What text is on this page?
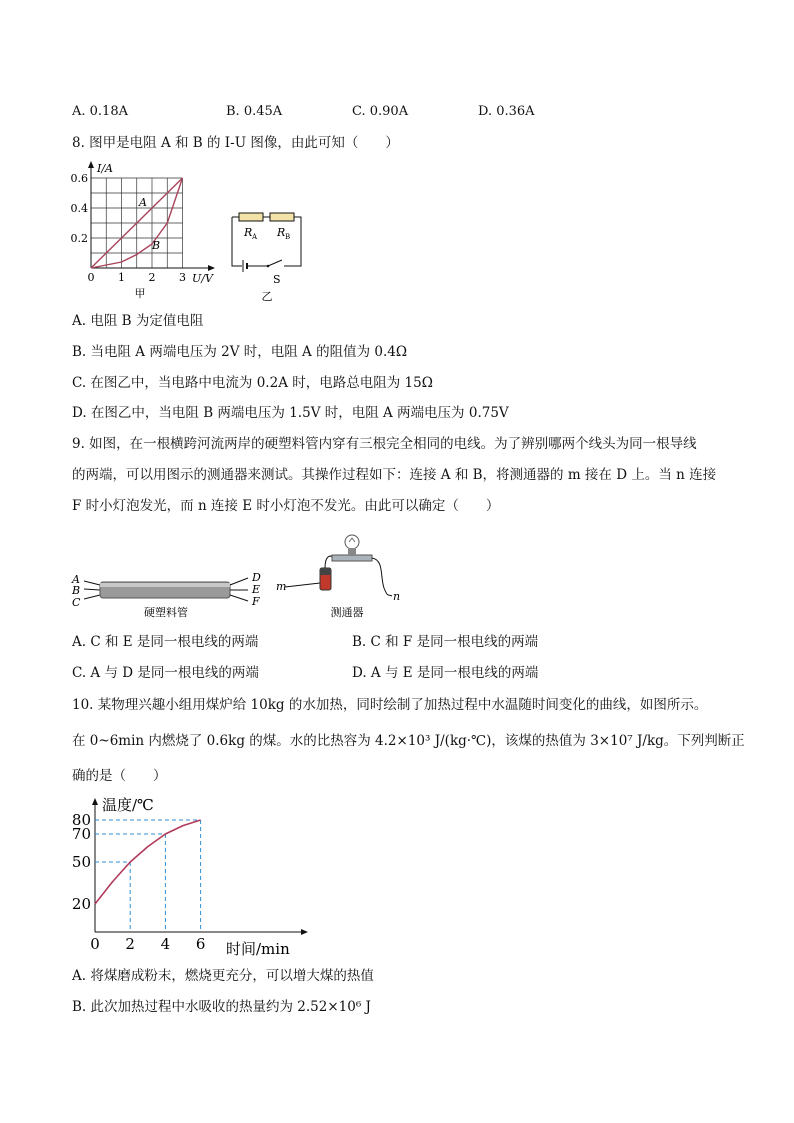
A. 0.18A	B. 0.45A	C. 0.90A	D. 0.36A
8. 图甲是电阻 A 和 B 的 I-U 图像，由此可知（　　）
0 1 2 3
0.2
0.4
0.6
I/A
U/V
A
B
甲
R A R B
S
乙
A. 电阻 B 为定值电阻
B. 当电阻 A 两端电压为 2V 时，电阻 A 的阻值为 0.4Ω
C. 在图乙中，当电路中电流为 0.2A 时，电路总电阻为 15Ω
D. 在图乙中，当电阻 B 两端电压为 1.5V 时，电阻 A 两端电压为 0.75V
9. 如图，在一根横跨河流两岸的硬塑料管内穿有三根完全相同的电线。为了辨别哪两个线头为同一根导线
的两端，可以用图示的测通器来测试。其操作过程如下：连接 A 和 B，将测通器的 m 接在 D 上。当 n 连接
F 时小灯泡发光，而 n 连接 E 时小灯泡不发光。由此可以确定（　　）
A
B
C
D
E
F
硬塑料管
m
n
测通器
A. C 和 E 是同一根电线的两端	B. C 和 F 是同一根电线的两端
C. A 与 D 是同一根电线的两端	D. A 与 E 是同一根电线的两端
10. 某物理兴趣小组用煤炉给 10kg 的水加热，同时绘制了加热过程中水温随时间变化的曲线，如图所示。
在 0~6min 内燃烧了 0.6kg 的煤。水的比热容为 4.2×10³ J/(kg·℃)，该煤的热值为 3×10⁷ J/kg。下列判断正
确的是（　　）
0 2 4 6
20
50
70
80
温度/℃
时间/min
A. 将煤磨成粉末，燃烧更充分，可以增大煤的热值
B. 此次加热过程中水吸收的热量约为 2.52×10⁶ J
